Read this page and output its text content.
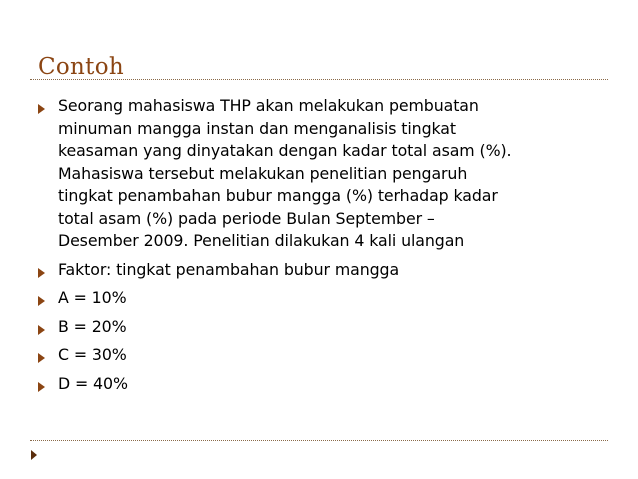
Contoh
Seorang mahasiswa THP akan melakukan pembuatan
minuman mangga instan dan menganalisis tingkat
keasaman yang dinyatakan dengan kadar total asam (%).
Mahasiswa tersebut melakukan penelitian pengaruh
tingkat penambahan bubur mangga (%) terhadap kadar
total asam (%) pada periode Bulan September –
Desember 2009. Penelitian dilakukan 4 kali ulangan
Faktor: tingkat penambahan bubur mangga
A = 10%
B = 20%
C = 30%
D = 40%
